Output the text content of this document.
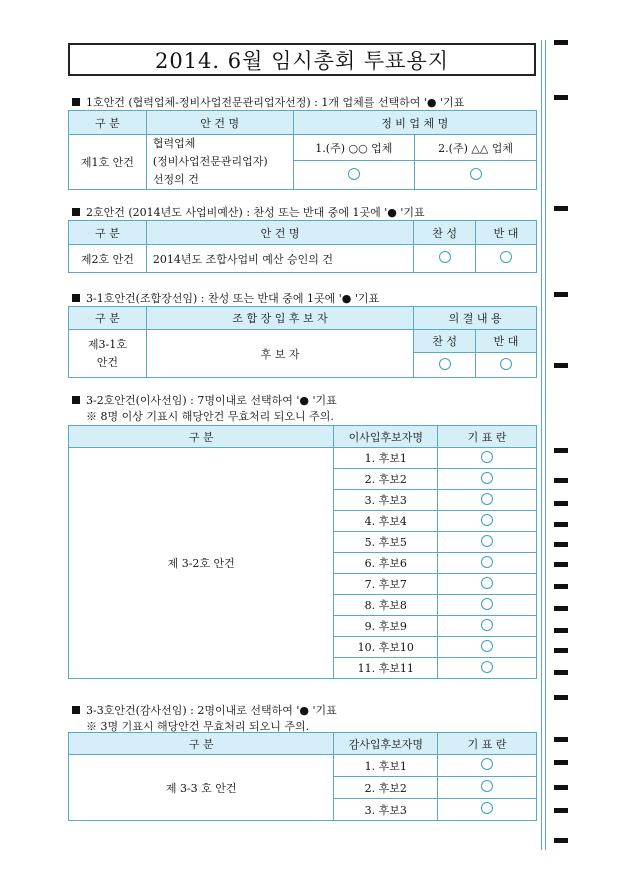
2014. 6월 임시총회 투표용지
1호안건 (협력업체-정비사업전문관리업자선정) : 1개 업체를 선택하여 '● '기표
구 분	안 건 명	정 비 업 체 명	
제1호 안건	협력업체
(정비사업전문관리업자)
선정의 건	1.(주) ○○ 업체	2.(주) △△ 업체

2호안건 (2014년도 사업비예산) : 찬성 또는 반대 중에 1곳에 '● '기표
구 분	안 건 명	찬 성	반 대
제2호 안건	2014년도 조합사업비 예산 승인의 건		
3-1호안건(조합장선임) : 찬성 또는 반대 중에 1곳에 '● '기표
구 분	조 합 장 입 후 보 자	의 결 내 용	

제3-1호
안건	후 보 자	찬 성	반 대

3-2호안건(이사선임) : 7명이내로 선택하여 '● '기표
※ 8명 이상 기표시 해당안건 무효처리 되오니 주의.
구 분	이사입후보자명	기 표 란
제 3-2호 안건	1. 후보1	
	2. 후보2	
	3. 후보3	
	4. 후보4	
	5. 후보5	
	6. 후보6	
	7. 후보7	
	8. 후보8	
	9. 후보9	
	10. 후보10	
	11. 후보11	
3-3호안건(감사선임) : 2명이내로 선택하여 '● '기표
※ 3명 기표시 해당안건 무효처리 되오니 주의.
구 분	감사입후보자명	기 표 란
제 3-3 호 안건	1. 후보1	
	2. 후보2	
	3. 후보3	
